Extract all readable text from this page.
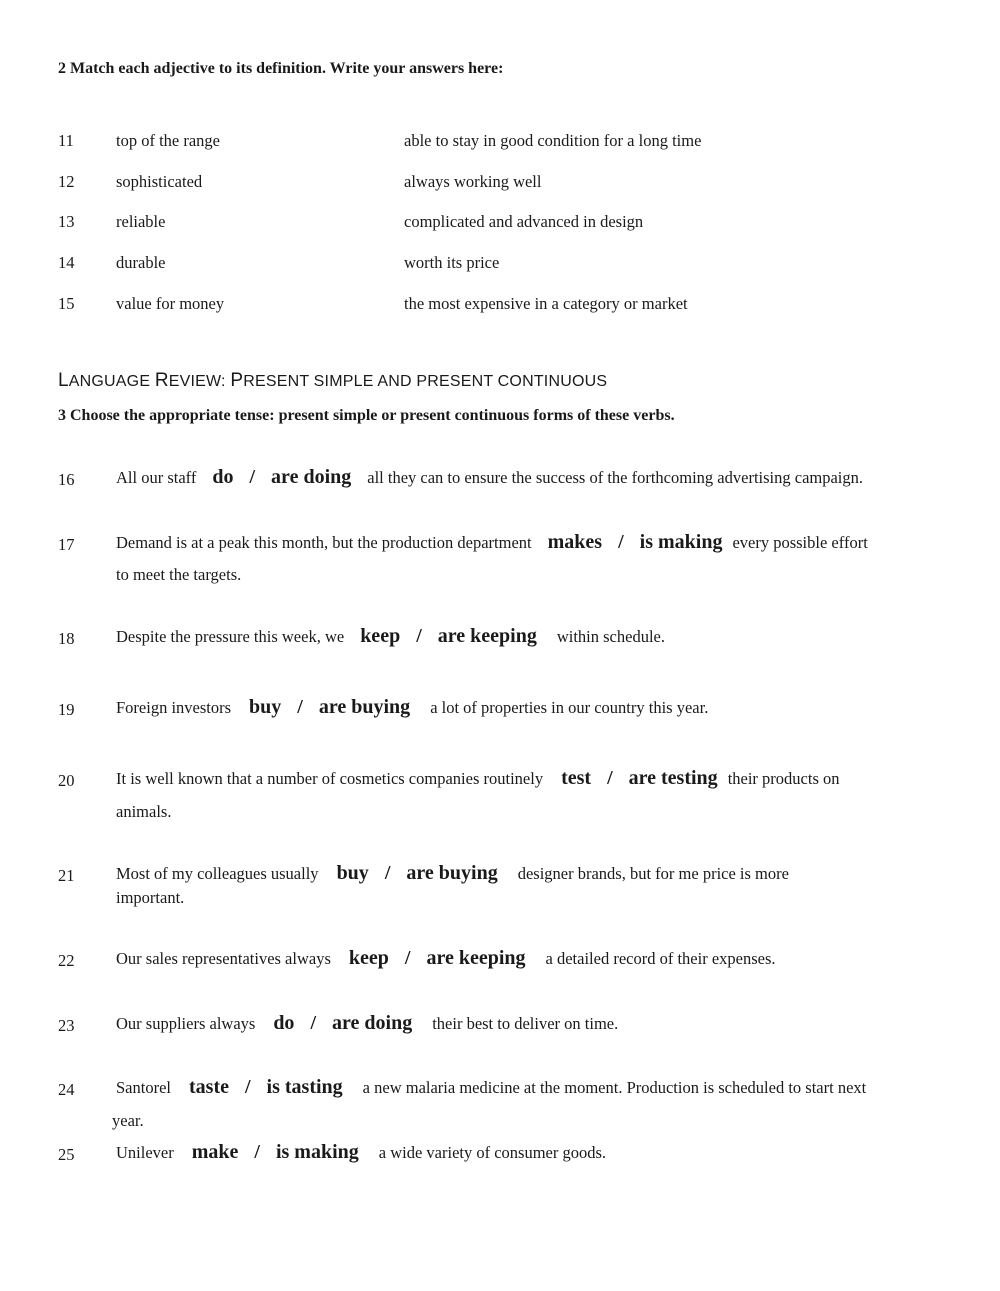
2 Match each adjective to its definition. Write your answers here:
11	top of the range	able to stay in good condition for a long time
12	sophisticated	always working well
13	reliable	complicated and advanced in design
14	durable	worth its price
15	value for money	the most expensive in a category or market
LANGUAGE REVIEW: PRESENT SIMPLE AND PRESENT CONTINUOUS
3 Choose the appropriate tense: present simple or present continuous forms of these verbs.
16	All our staff do / are doing all they can to ensure the success of the forthcoming advertising campaign.
17	Demand is at a peak this month, but the production department makes / is making every possible effort
to meet the targets.
18	Despite the pressure this week, we keep / are keeping within schedule.
19	Foreign investors buy / are buying a lot of properties in our country this year.
20	It is well known that a number of cosmetics companies routinely test / are testing their products on
animals.
21	Most of my colleagues usually buy / are buying designer brands, but for me price is more
important.
22	Our sales representatives always keep / are keeping a detailed record of their expenses.
23	Our suppliers always do / are doing their best to deliver on time.
24	Santorel taste / is tasting a new malaria medicine at the moment. Production is scheduled to start next
year.
25	Unilever make / is making a wide variety of consumer goods.
